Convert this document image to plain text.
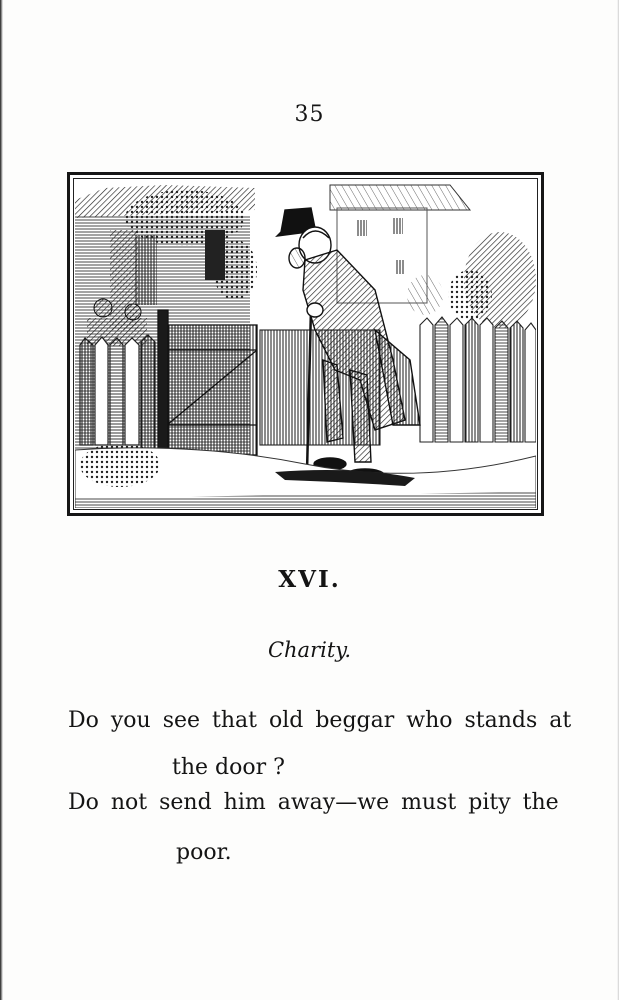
35
XVI.
Charity.
Do you see that old beggar who stands at
the door ?
Do not send him away—we must pity the
poor.
